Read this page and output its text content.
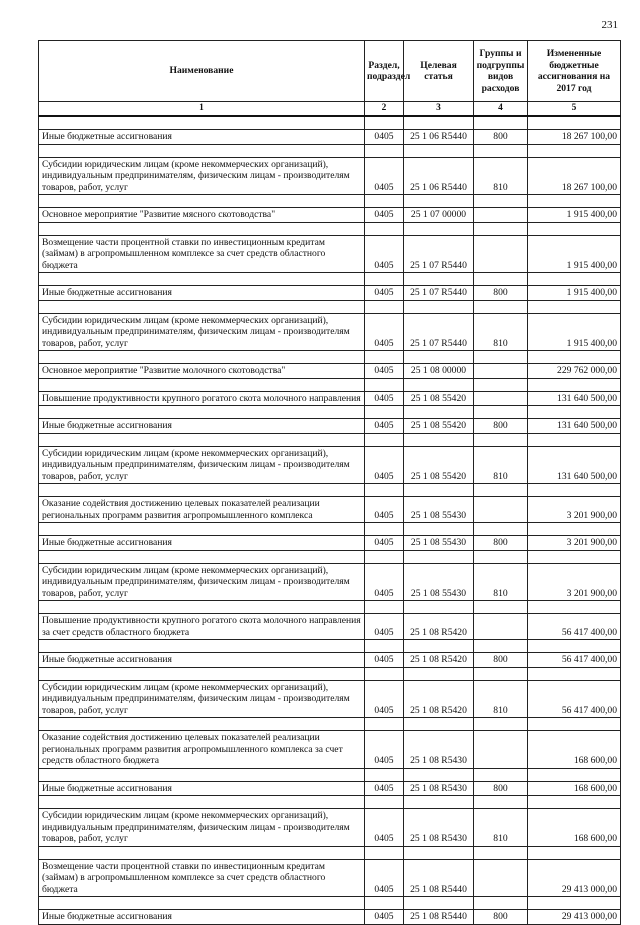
231
Наименование	Раздел, подраздел	Целевая статья	Группы и подгруппы видов расходов	Измененные бюджетные ассигнования на 2017 год
1	2	3	4	5

Иные бюджетные ассигнования	0405	25 1 06 R5440	800	18 267 100,00

Субсидии юридическим лицам (кроме некоммерческих организаций), индивидуальным предпринимателям, физическим лицам - производителям товаров, работ, услуг	0405	25 1 06 R5440	810	18 267 100,00

Основное мероприятие "Развитие мясного скотоводства"	0405	25 1 07 00000		1 915 400,00

Возмещение части процентной ставки по инвестиционным кредитам (займам) в агропромышленном комплексе за счет средств областного бюджета	0405	25 1 07 R5440		1 915 400,00

Иные бюджетные ассигнования	0405	25 1 07 R5440	800	1 915 400,00

Субсидии юридическим лицам (кроме некоммерческих организаций), индивидуальным предпринимателям, физическим лицам - производителям товаров, работ, услуг	0405	25 1 07 R5440	810	1 915 400,00

Основное мероприятие "Развитие молочного скотоводства"	0405	25 1 08 00000		229 762 000,00

Повышение продуктивности крупного рогатого скота молочного направления	0405	25 1 08 55420		131 640 500,00

Иные бюджетные ассигнования	0405	25 1 08 55420	800	131 640 500,00

Субсидии юридическим лицам (кроме некоммерческих организаций), индивидуальным предпринимателям, физическим лицам - производителям товаров, работ, услуг	0405	25 1 08 55420	810	131 640 500,00

Оказание содействия достижению целевых показателей реализации региональных программ развития агропромышленного комплекса	0405	25 1 08 55430		3 201 900,00

Иные бюджетные ассигнования	0405	25 1 08 55430	800	3 201 900,00

Субсидии юридическим лицам (кроме некоммерческих организаций), индивидуальным предпринимателям, физическим лицам - производителям товаров, работ, услуг	0405	25 1 08 55430	810	3 201 900,00

Повышение продуктивности крупного рогатого скота молочного направления за счет средств областного бюджета	0405	25 1 08 R5420		56 417 400,00

Иные бюджетные ассигнования	0405	25 1 08 R5420	800	56 417 400,00

Субсидии юридическим лицам (кроме некоммерческих организаций), индивидуальным предпринимателям, физическим лицам - производителям товаров, работ, услуг	0405	25 1 08 R5420	810	56 417 400,00

Оказание содействия достижению целевых показателей реализации региональных программ развития агропромышленного комплекса за счет средств областного бюджета	0405	25 1 08 R5430		168 600,00

Иные бюджетные ассигнования	0405	25 1 08 R5430	800	168 600,00

Субсидии юридическим лицам (кроме некоммерческих организаций), индивидуальным предпринимателям, физическим лицам - производителям товаров, работ, услуг	0405	25 1 08 R5430	810	168 600,00

Возмещение части процентной ставки по инвестиционным кредитам (займам) в агропромышленном комплексе за счет средств областного бюджета	0405	25 1 08 R5440		29 413 000,00

Иные бюджетные ассигнования	0405	25 1 08 R5440	800	29 413 000,00
